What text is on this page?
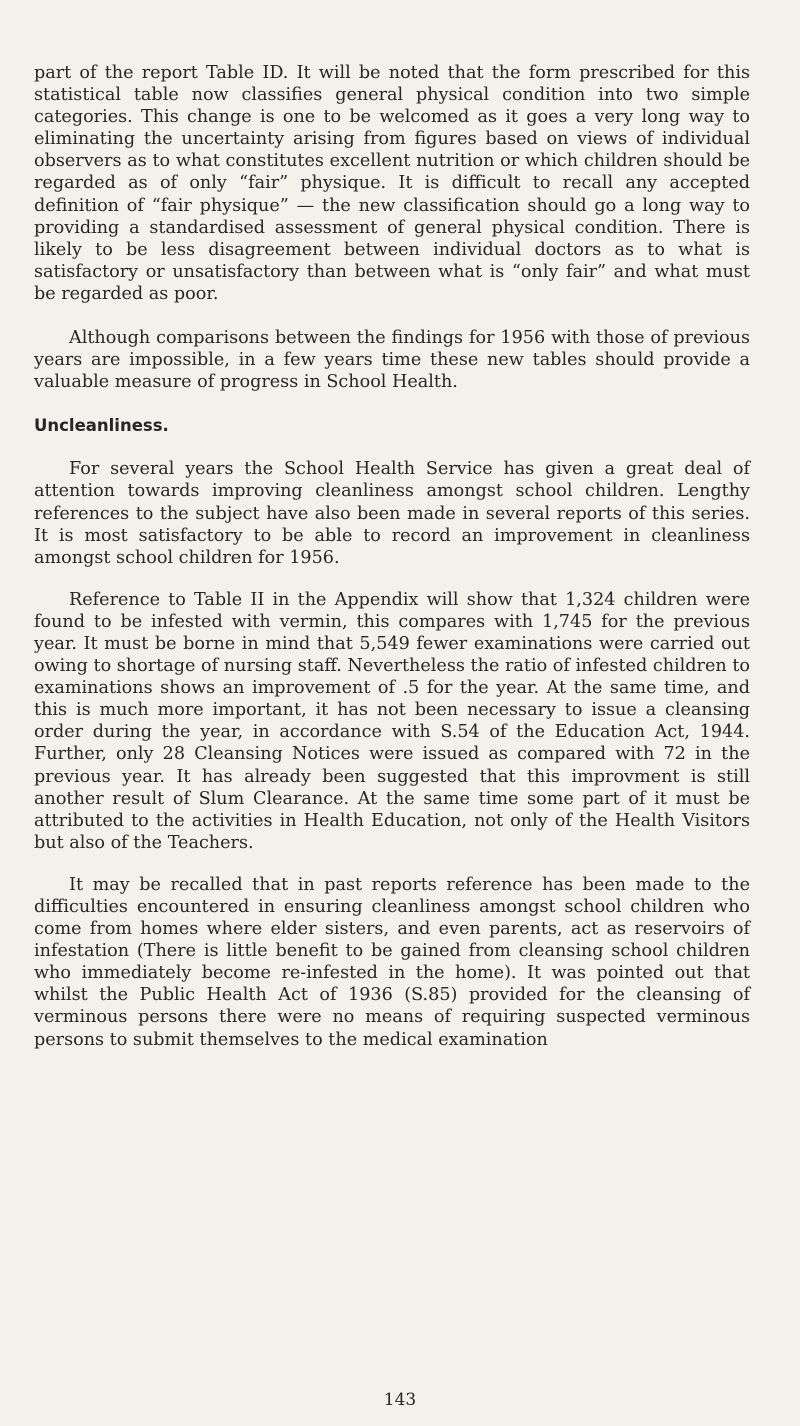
part of the report Table ID. It will be noted that the form prescribed for this statistical table now classifies general physical condition into two simple categories. This change is one to be welcomed as it goes a very long way to eliminating the uncertainty arising from figures based on views of individual observers as to what constitutes excellent nutrition or which children should be regarded as of only “fair” physique. It is difficult to recall any accepted definition of “fair physique” — the new classification should go a long way to providing a standardised assessment of general physical condition. There is likely to be less disagreement between individual doctors as to what is satisfactory or unsatisfactory than between what is “only fair” and what must be regarded as poor.

Although comparisons between the findings for 1956 with those of previous years are impossible, in a few years time these new tables should provide a valuable measure of progress in School Health.

Uncleanliness.

For several years the School Health Service has given a great deal of attention towards improving cleanliness amongst school children. Lengthy references to the subject have also been made in several reports of this series. It is most satisfactory to be able to record an improvement in cleanliness amongst school children for 1956.

Reference to Table II in the Appendix will show that 1,324 children were found to be infested with vermin, this compares with 1,745 for the previous year. It must be borne in mind that 5,549 fewer examinations were carried out owing to shortage of nursing staff. Nevertheless the ratio of infested children to examinations shows an improvement of .5 for the year. At the same time, and this is much more important, it has not been necessary to issue a cleansing order during the year, in accordance with S.54 of the Education Act, 1944. Further, only 28 Cleansing Notices were issued as compared with 72 in the previous year. It has already been suggested that this improvment is still another result of Slum Clearance. At the same time some part of it must be attributed to the activities in Health Education, not only of the Health Visitors but also of the Teachers.

It may be recalled that in past reports reference has been made to the difficulties encountered in ensuring cleanliness amongst school children who come from homes where elder sisters, and even parents, act as reservoirs of infestation (There is little benefit to be gained from cleansing school children who immediately become re-infested in the home). It was pointed out that whilst the Public Health Act of 1936 (S.85) provided for the cleansing of verminous persons there were no means of requiring suspected verminous persons to submit themselves to the medical examination

143
